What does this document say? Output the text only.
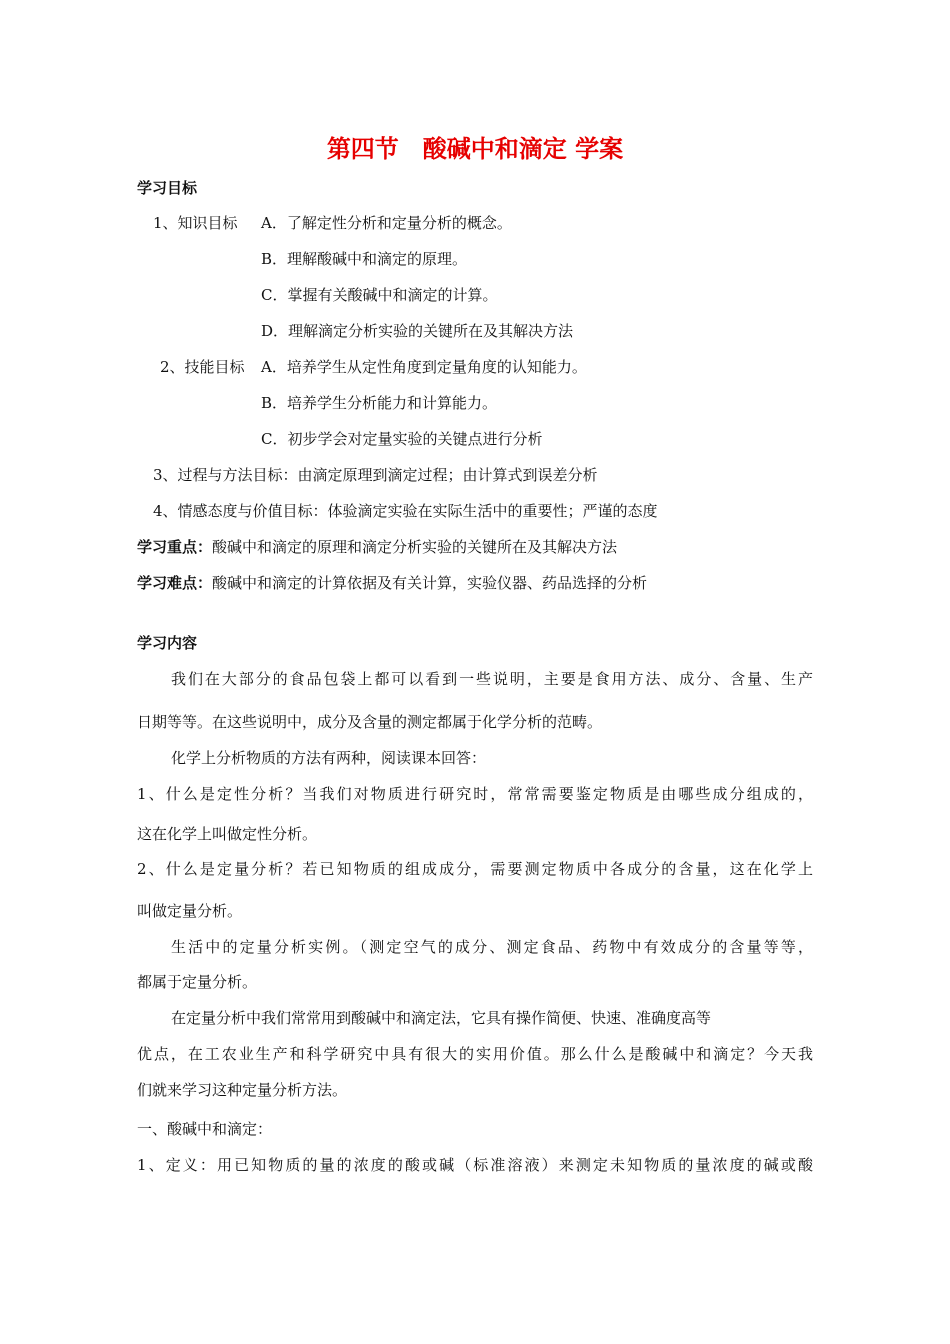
第四节　酸碱中和滴定 学案
学习目标
1、知识目标 A．了解定性分析和定量分析的概念。
B．理解酸碱中和滴定的原理。
C．掌握有关酸碱中和滴定的计算。
D．理解滴定分析实验的关键所在及其解决方法
2、技能目标 A．培养学生从定性角度到定量角度的认知能力。
B．培养学生分析能力和计算能力。
C．初步学会对定量实验的关键点进行分析
3、过程与方法目标：由滴定原理到滴定过程；由计算式到误差分析
4、情感态度与价值目标：体验滴定实验在实际生活中的重要性；严谨的态度
学习重点：酸碱中和滴定的原理和滴定分析实验的关键所在及其解决方法
学习难点：酸碱中和滴定的计算依据及有关计算，实验仪器、药品选择的分析
学习内容
我们在大部分的食品包袋上都可以看到一些说明，主要是食用方法、成分、含量、生产
日期等等。在这些说明中，成分及含量的测定都属于化学分析的范畴。
化学上分析物质的方法有两种，阅读课本回答：
1、什么是定性分析？当我们对物质进行研究时，常常需要鉴定物质是由哪些成分组成的，
这在化学上叫做定性分析。
2、什么是定量分析？若已知物质的组成成分，需要测定物质中各成分的含量，这在化学上
叫做定量分析。
生活中的定量分析实例。（测定空气的成分、测定食品、药物中有效成分的含量等等，
都属于定量分析。
在定量分析中我们常常用到酸碱中和滴定法，它具有操作简便、快速、准确度高等
优点，在工农业生产和科学研究中具有很大的实用价值。那么什么是酸碱中和滴定？今天我
们就来学习这种定量分析方法。
一、酸碱中和滴定：
1、定义：用已知物质的量的浓度的酸或碱（标准溶液）来测定未知物质的量浓度的碱或酸
